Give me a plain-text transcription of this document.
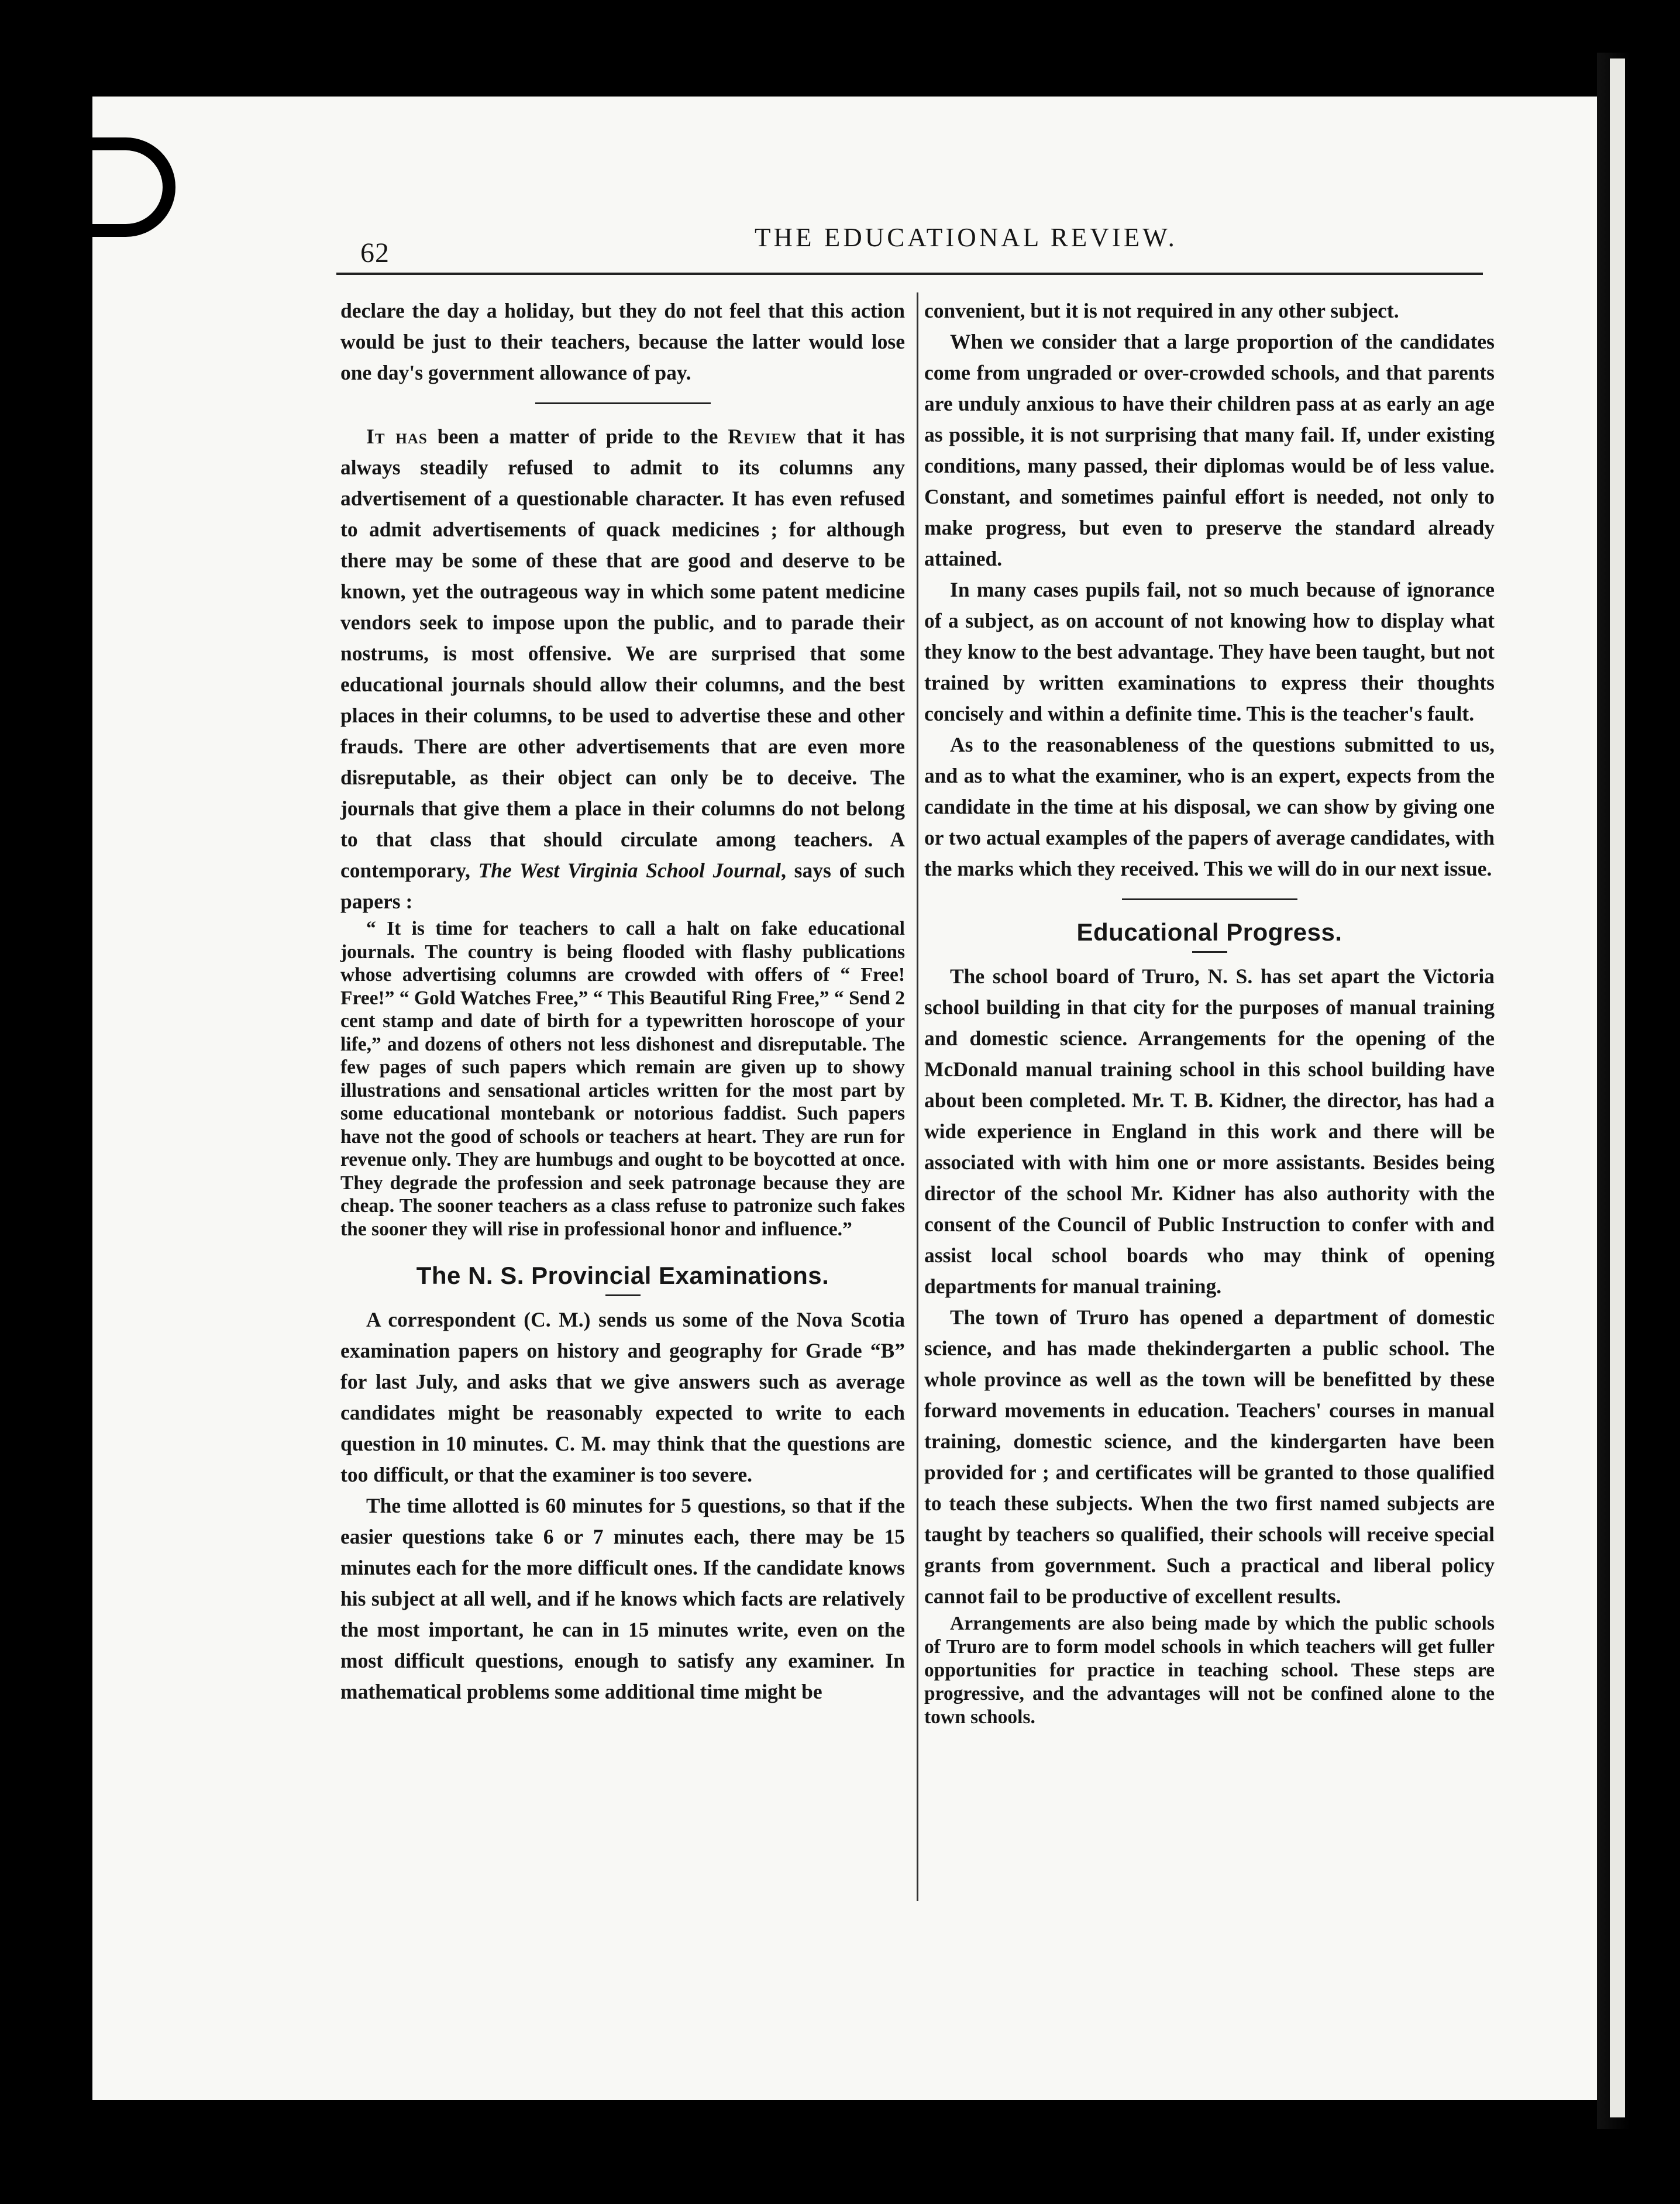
62	THE EDUCATIONAL REVIEW.

declare the day a holiday, but they do not feel that this action would be just to their teachers, because the latter would lose one day's government allowance of pay.

It has been a matter of pride to the Review that it has always steadily refused to admit to its columns any advertisement of a questionable character. It has even refused to admit advertisements of quack medicines ; for although there may be some of these that are good and deserve to be known, yet the outrageous way in which some patent medicine vendors seek to impose upon the public, and to parade their nostrums, is most offensive. We are surprised that some educational journals should allow their columns, and the best places in their columns, to be used to advertise these and other frauds. There are other advertisements that are even more disreputable, as their object can only be to deceive. The journals that give them a place in their columns do not belong to that class that should circulate among teachers. A contemporary, The West Virginia School Journal, says of such papers :

“ It is time for teachers to call a halt on fake educational journals. The country is being flooded with flashy publications whose advertising columns are crowded with offers of “ Free! Free!” “ Gold Watches Free,” “ This Beautiful Ring Free,” “ Send 2 cent stamp and date of birth for a typewritten horoscope of your life,” and dozens of others not less dishonest and disreputable. The few pages of such papers which remain are given up to showy illustrations and sensational articles written for the most part by some educational montebank or notorious faddist. Such papers have not the good of schools or teachers at heart. They are run for revenue only. They are humbugs and ought to be boycotted at once. They degrade the profession and seek patronage because they are cheap. The sooner teachers as a class refuse to patronize such fakes the sooner they will rise in professional honor and influence.”

The N. S. Provincial Examinations.

A correspondent (C. M.) sends us some of the Nova Scotia examination papers on history and geography for Grade “B” for last July, and asks that we give answers such as average candidates might be reasonably expected to write to each question in 10 minutes. C. M. may think that the questions are too difficult, or that the examiner is too severe.

The time allotted is 60 minutes for 5 questions, so that if the easier questions take 6 or 7 minutes each, there may be 15 minutes each for the more difficult ones. If the candidate knows his subject at all well, and if he knows which facts are relatively the most important, he can in 15 minutes write, even on the most difficult questions, enough to satisfy any examiner. In mathematical problems some additional time might be

convenient, but it is not required in any other subject.

When we consider that a large proportion of the candidates come from ungraded or over-crowded schools, and that parents are unduly anxious to have their children pass at as early an age as possible, it is not surprising that many fail. If, under existing conditions, many passed, their diplomas would be of less value. Constant, and sometimes painful effort is needed, not only to make progress, but even to preserve the standard already attained.

In many cases pupils fail, not so much because of ignorance of a subject, as on account of not knowing how to display what they know to the best advantage. They have been taught, but not trained by written examinations to express their thoughts concisely and within a definite time. This is the teacher's fault.

As to the reasonableness of the questions submitted to us, and as to what the examiner, who is an expert, expects from the candidate in the time at his disposal, we can show by giving one or two actual examples of the papers of average candidates, with the marks which they received. This we will do in our next issue.

Educational Progress.

The school board of Truro, N. S. has set apart the Victoria school building in that city for the purposes of manual training and domestic science. Arrangements for the opening of the McDonald manual training school in this school building have about been completed. Mr. T. B. Kidner, the director, has had a wide experience in England in this work and there will be associated with with him one or more assistants. Besides being director of the school Mr. Kidner has also authority with the consent of the Council of Public Instruction to confer with and assist local school boards who may think of opening departments for manual training.

The town of Truro has opened a department of domestic science, and has made thekindergarten a public school. The whole province as well as the town will be benefitted by these forward movements in education. Teachers' courses in manual training, domestic science, and the kindergarten have been provided for ; and certificates will be granted to those qualified to teach these subjects. When the two first named subjects are taught by teachers so qualified, their schools will receive special grants from government. Such a practical and liberal policy cannot fail to be productive of excellent results.

Arrangements are also being made by which the public schools of Truro are to form model schools in which teachers will get fuller opportunities for practice in teaching school. These steps are progressive, and the advantages will not be confined alone to the town schools.
